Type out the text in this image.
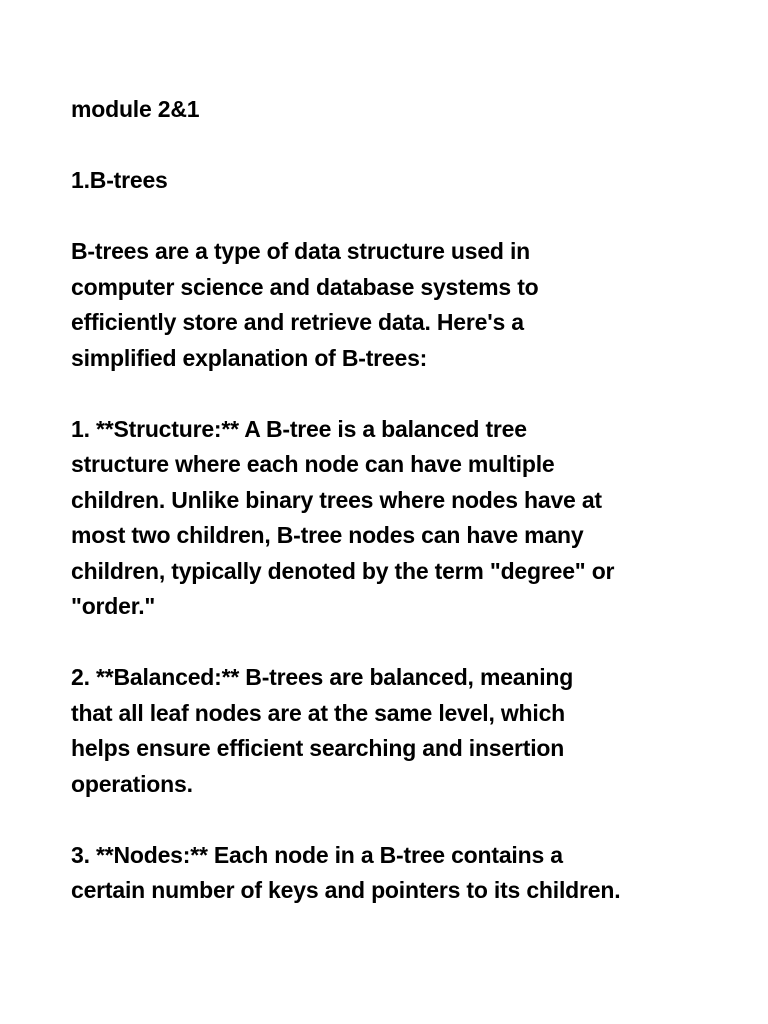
module 2&1
1.B-trees
B-trees are a type of data structure used in
computer science and database systems to
efficiently store and retrieve data. Here's a
simplified explanation of B-trees:
1. **Structure:** A B-tree is a balanced tree
structure where each node can have multiple
children. Unlike binary trees where nodes have at
most two children, B-tree nodes can have many
children, typically denoted by the term "degree" or
"order."
2. **Balanced:** B-trees are balanced, meaning
that all leaf nodes are at the same level, which
helps ensure efficient searching and insertion
operations.
3. **Nodes:** Each node in a B-tree contains a
certain number of keys and pointers to its children.
